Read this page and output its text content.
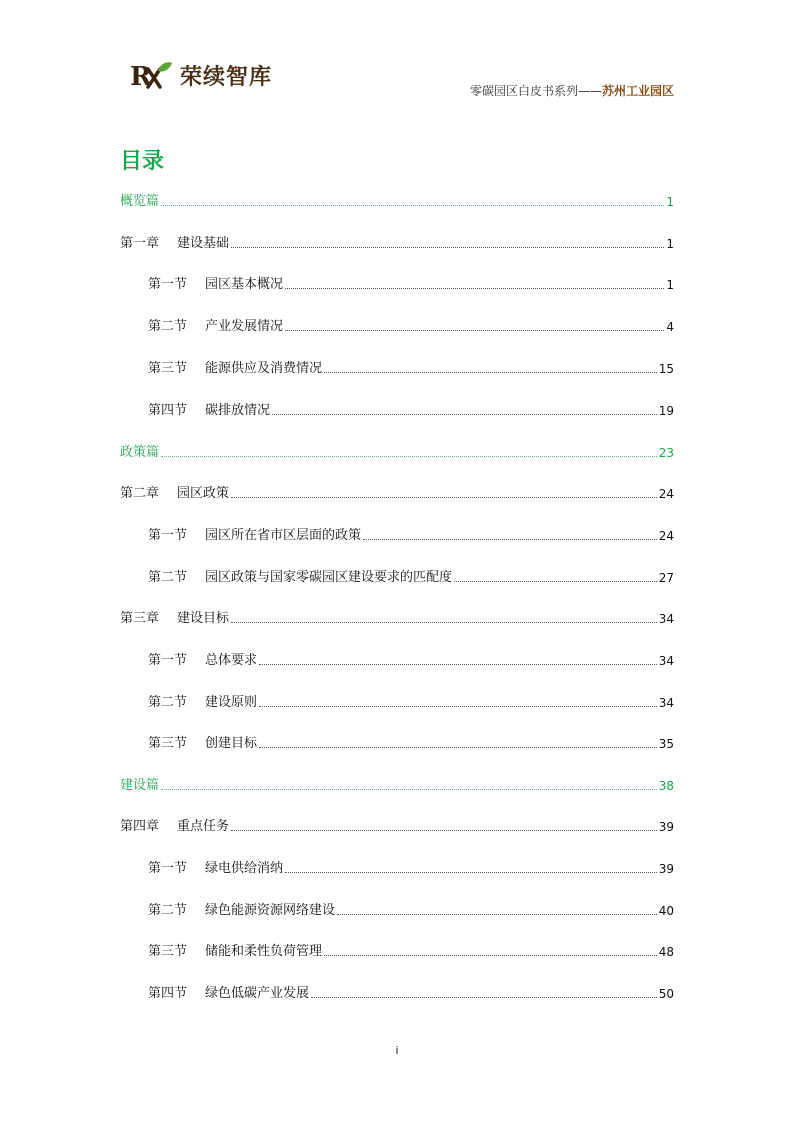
R 荣续智库
零碳园区白皮书系列——苏州工业园区
目录
概览篇	1
第一章 建设基础	1
第一节 园区基本概况	1
第二节 产业发展情况	4
第三节 能源供应及消费情况	15
第四节 碳排放情况	19
政策篇	23
第二章 园区政策	24
第一节 园区所在省市区层面的政策	24
第二节 园区政策与国家零碳园区建设要求的匹配度	27
第三章 建设目标	34
第一节 总体要求	34
第二节 建设原则	34
第三节 创建目标	35
建设篇	38
第四章 重点任务	39
第一节 绿电供给消纳	39
第二节 绿色能源资源网络建设	40
第三节 储能和柔性负荷管理	48
第四节 绿色低碳产业发展	50
i
